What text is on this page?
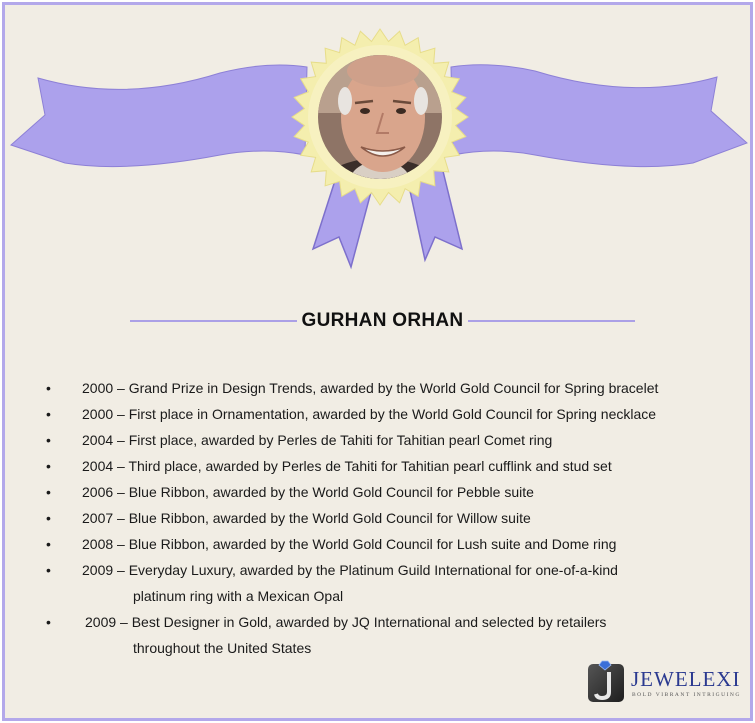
GURHAN ORHAN
• 2000 – Grand Prize in Design Trends, awarded by the World Gold Council for Spring bracelet
• 2000 – First place in Ornamentation, awarded by the World Gold Council for Spring necklace
• 2004 – First place, awarded by Perles de Tahiti for Tahitian pearl Comet ring
• 2004 – Third place, awarded by Perles de Tahiti for Tahitian pearl cufflink and stud set
• 2006 – Blue Ribbon, awarded by the World Gold Council for Pebble suite
• 2007 – Blue Ribbon, awarded by the World Gold Council for Willow suite
• 2008 – Blue Ribbon, awarded by the World Gold Council for Lush suite and Dome ring
• 2009 – Everyday Luxury, awarded by the Platinum Guild International for one-of-a-kind
platinum ring with a Mexican Opal
• 2009 – Best Designer in Gold, awarded by JQ International and selected by retailers
throughout the United States
JEWELEXI
BOLD VIBRANT INTRIGUING
